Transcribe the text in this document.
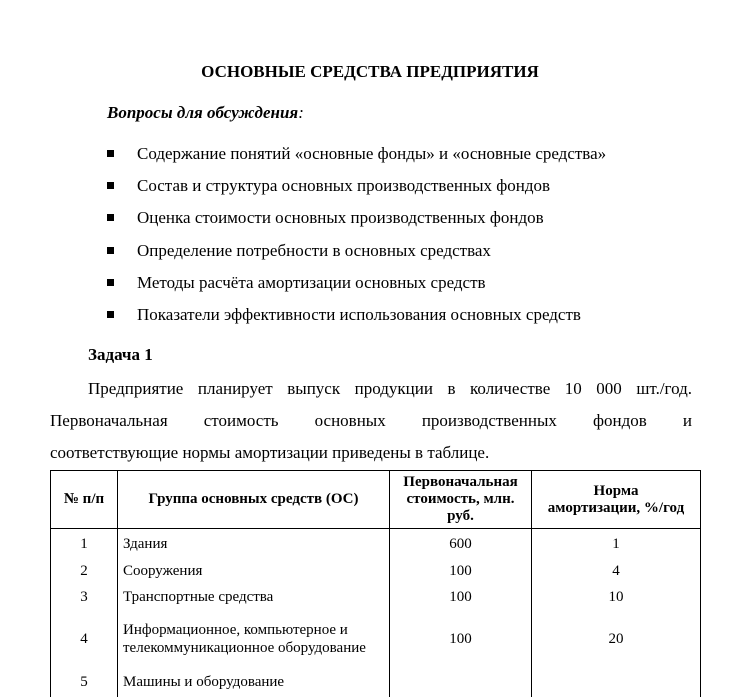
ОСНОВНЫЕ СРЕДСТВА ПРЕДПРИЯТИЯ
Вопросы для обсуждения:
Содержание понятий «основные фонды» и «основные средства»
Состав и структура основных производственных фондов
Оценка стоимости основных производственных фондов
Определение потребности в основных средствах
Методы расчёта амортизации основных средств
Показатели эффективности использования основных средств
Задача 1
Предприятие планирует выпуск продукции в количестве 10 000 шт./год.
Первоначальная стоимость основных производственных фондов и
соответствующие нормы амортизации приведены в таблице.
№ п/п	Группа основных средств (ОС)	Первоначальная стоимость, млн. руб.	Норма амортизации, %/год
1	Здания	600	1
2	Сооружения	100	4
3	Транспортные средства	100	10
4	Информационное, компьютерное и телекоммуникационное оборудование	100	20
5	Машины и оборудование		
